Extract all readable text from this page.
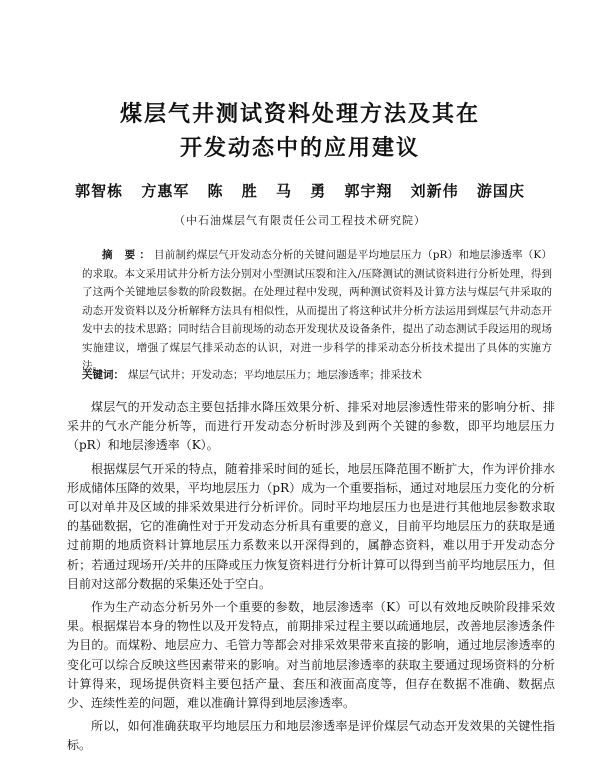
煤层气井测试资料处理方法及其在
开发动态中的应用建议
郭智栋 方惠军 陈 胜 马 勇 郭宇翔 刘新伟 游国庆
（中石油煤层气有限责任公司工程技术研究院）
摘 要：目前制约煤层气开发动态分析的关键问题是平均地层压力（pR）和地层渗透率（K）的求取。本文采用试井分析方法分别对小型测试压裂和注入/压降测试的测试资料进行分析处理，得到了这两个关键地层参数的阶段数据。在处理过程中发现，两种测试资料及计算方法与煤层气井采取的动态开发资料以及分析解释方法具有相似性，从而提出了将这种试井分析方法运用到煤层气井动态开发中去的技术思路；同时结合目前现场的动态开发现状及设备条件，提出了动态测试手段运用的现场实施建议，增强了煤层气排采动态的认识，对进一步科学的排采动态分析技术提出了具体的实施方法。
关键词： 煤层气试井；开发动态；平均地层压力；地层渗透率；排采技术

煤层气的开发动态主要包括排水降压效果分析、排采对地层渗透性带来的影响分析、排采井的气水产能分析等，而进行开发动态分析时涉及到两个关键的参数，即平均地层压力（pR）和地层渗透率（K）。

根据煤层气开采的特点，随着排采时间的延长，地层压降范围不断扩大，作为评价排水形成储体压降的效果，平均地层压力（pR）成为一个重要指标，通过对地层压力变化的分析可以对单井及区域的排采效果进行分析评价。同时平均地层压力也是进行其他地层参数求取的基础数据，它的准确性对于开发动态分析具有重要的意义，目前平均地层压力的获取是通过前期的地质资料计算地层压力系数来以开深得到的，属静态资料，难以用于开发动态分析；若通过现场开/关井的压降或压力恢复资料进行分析计算可以得到当前平均地层压力，但目前对这部分数据的采集还处于空白。

作为生产动态分析另外一个重要的参数，地层渗透率（K）可以有效地反映阶段排采效果。根据煤岩本身的物性以及开发特点，前期排采过程主要以疏通地层，改善地层渗透条件为目的。而煤粉、地层应力、毛管力等都会对排采效果带来直接的影响，通过地层渗透率的变化可以综合反映这些因素带来的影响。对当前地层渗透率的获取主要通过现场资料的分析计算得来，现场提供资料主要包括产量、套压和液面高度等，但存在数据不准确、数据点少、连续性差的问题，难以准确计算得到地层渗透率。

所以，如何准确获取平均地层压力和地层渗透率是评价煤层气动态开发效果的关键性指标。
